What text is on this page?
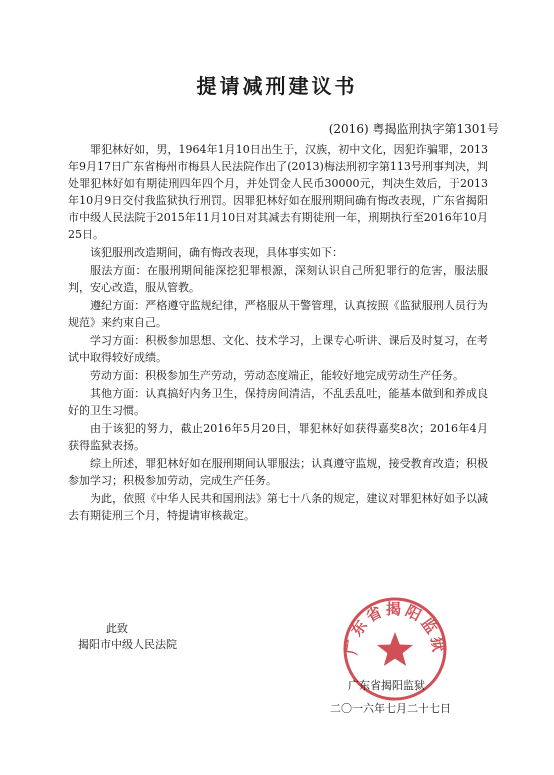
提请减刑建议书
(2016) 粤揭监刑执字第1301号

罪犯林好如，男，1964年1月10日出生于，汉族，初中文化，因犯诈骗罪，2013年9月17日广东省梅州市梅县人民法院作出了(2013)梅法刑初字第113号刑事判决，判处罪犯林好如有期徒刑四年四个月，并处罚金人民币30000元，判决生效后，于2013年10月9日交付我监狱执行刑罚。因罪犯林好如在服刑期间确有悔改表现，广东省揭阳市中级人民法院于2015年11月10日对其减去有期徒刑一年，刑期执行至2016年10月25日。

该犯服刑改造期间，确有悔改表现，具体事实如下：

服法方面：在服刑期间能深挖犯罪根源，深刻认识自己所犯罪行的危害，服法服判，安心改造，服从管教。

遵纪方面：严格遵守监规纪律，严格服从干警管理，认真按照《监狱服刑人员行为规范》来约束自己。

学习方面：积极参加思想、文化、技术学习，上课专心听讲、课后及时复习，在考试中取得较好成绩。

劳动方面：积极参加生产劳动，劳动态度端正，能较好地完成劳动生产任务。

其他方面：认真搞好内务卫生，保持房间清洁，不乱丢乱吐，能基本做到和养成良好的卫生习惯。

由于该犯的努力，截止2016年5月20日，罪犯林好如获得嘉奖8次；2016年4月获得监狱表扬。

综上所述，罪犯林好如在服刑期间认罪服法；认真遵守监规，接受教育改造；积极参加学习；积极参加劳动，完成生产任务。

为此，依照《中华人民共和国刑法》第七十八条的规定，建议对罪犯林好如予以减去有期徒刑三个月，特提请审核裁定。

此致
揭阳市中级人民法院	广东省揭阳监狱
广东省揭阳监狱
二〇一六年七月二十七日
